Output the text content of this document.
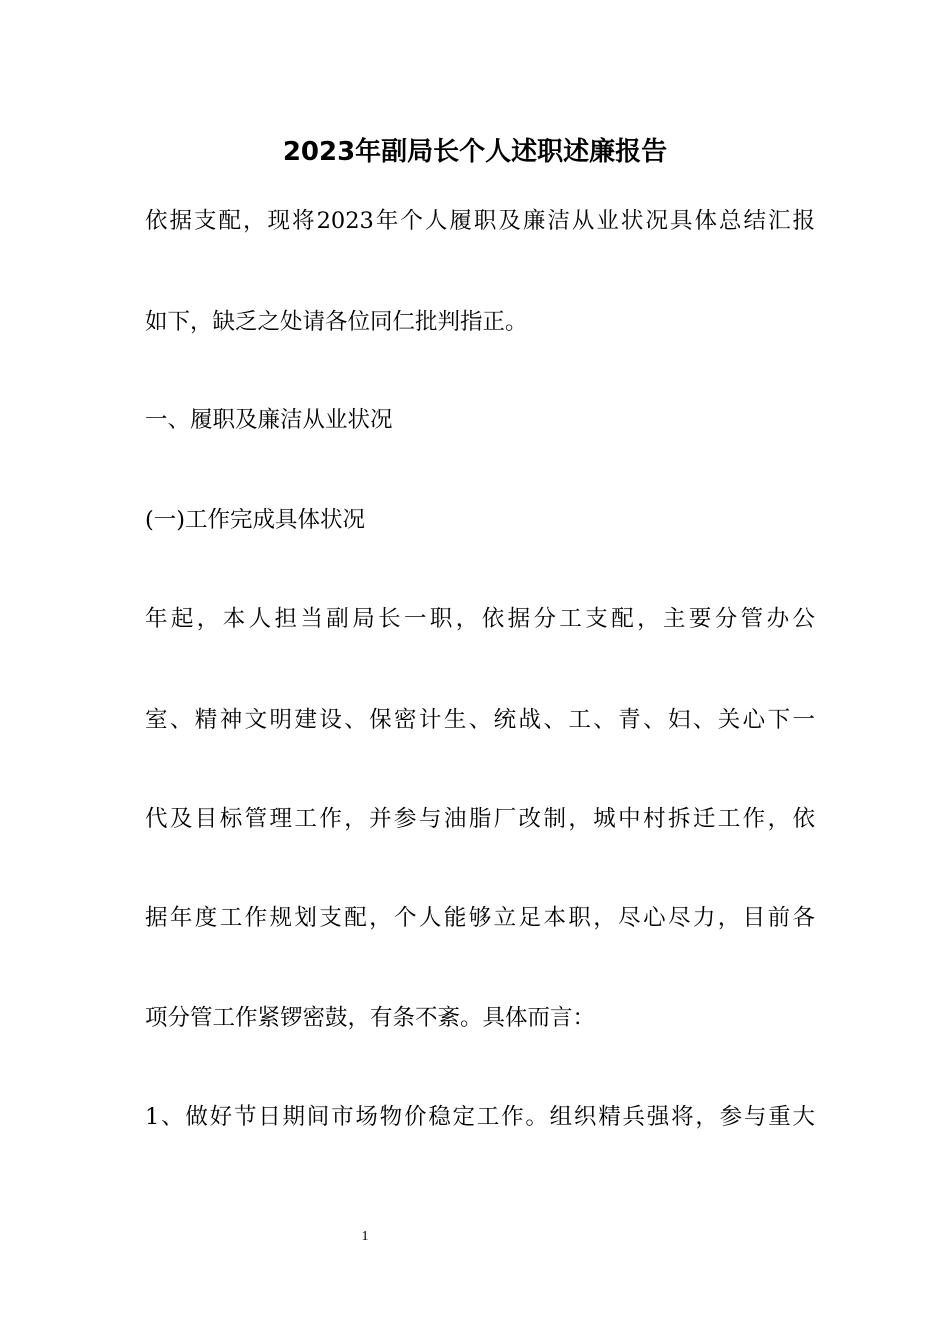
2023年副局长个人述职述廉报告
依据支配，现将2023年个人履职及廉洁从业状况具体总结汇报
如下，缺乏之处请各位同仁批判指正。
一、履职及廉洁从业状况
(一)工作完成具体状况
年起，本人担当副局长一职，依据分工支配，主要分管办公
室、精神文明建设、保密计生、统战、工、青、妇、关心下一
代及目标管理工作，并参与油脂厂改制，城中村拆迁工作，依
据年度工作规划支配，个人能够立足本职，尽心尽力，目前各
项分管工作紧锣密鼓，有条不紊。具体而言：
1、做好节日期间市场物价稳定工作。组织精兵强将，参与重大
1
